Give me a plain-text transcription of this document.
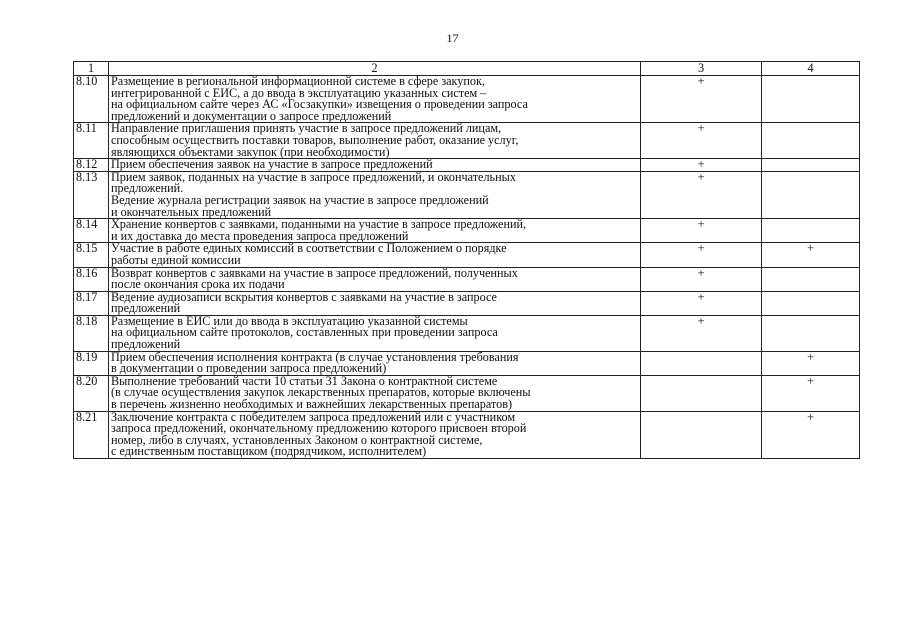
17
1	2	3	4
8.10	Размещение в региональной информационной системе в сфере закупок,
интегрированной с ЕИС, а до ввода в эксплуатацию указанных систем –
на официальном сайте через АС «Госзакупки» извещения о проведении запроса
предложений и документации о запросе предложений	+	
8.11	Направление приглашения принять участие в запросе предложений лицам,
способным осуществить поставки товаров, выполнение работ, оказание услуг,
являющихся объектами закупок (при необходимости)	+	
8.12	Прием обеспечения заявок на участие в запросе предложений	+	
8.13	Прием заявок, поданных на участие в запросе предложений, и окончательных
предложений.
Ведение журнала регистрации заявок на участие в запросе предложений
и окончательных предложений	+	
8.14	Хранение конвертов с заявками, поданными на участие в запросе предложений,
и их доставка до места проведения запроса предложений	+	
8.15	Участие в работе единых комиссий в соответствии с Положением о порядке
работы единой комиссии	+	+
8.16	Возврат конвертов с заявками на участие в запросе предложений, полученных
после окончания срока их подачи	+	
8.17	Ведение аудиозаписи вскрытия конвертов с заявками на участие в запросе
предложений	+	
8.18	Размещение в ЕИС или до ввода в эксплуатацию указанной системы
на официальном сайте протоколов, составленных при проведении запроса
предложений	+	
8.19	Прием обеспечения исполнения контракта (в случае установления требования
в документации о проведении запроса предложений)		+
8.20	Выполнение требований части 10 статьи 31 Закона о контрактной системе
(в случае осуществления закупок лекарственных препаратов, которые включены
в перечень жизненно необходимых и важнейших лекарственных препаратов)		+
8.21	Заключение контракта с победителем запроса предложений или с участником
запроса предложений, окончательному предложению которого присвоен второй
номер, либо в случаях, установленных Законом о контрактной системе,
с единственным поставщиком (подрядчиком, исполнителем)		+
